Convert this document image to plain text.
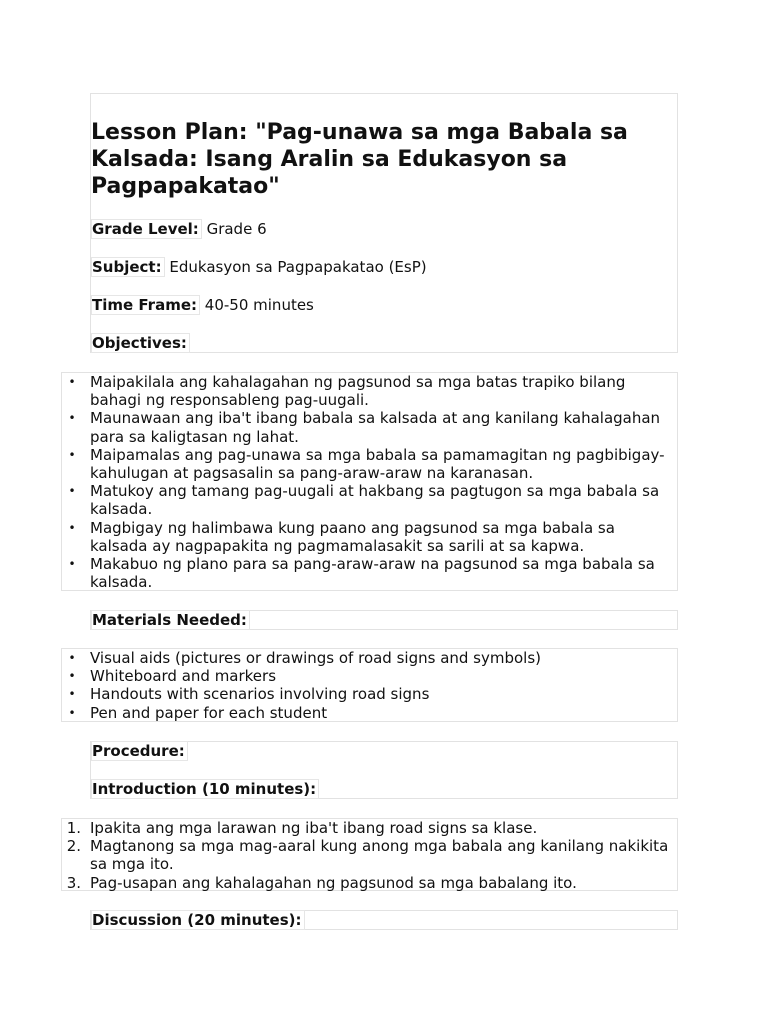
Lesson Plan: "Pag-unawa sa mga Babala sa Kalsada: Isang Aralin sa Edukasyon sa Pagpapakatao"
Grade Level: Grade 6
Subject: Edukasyon sa Pagpapakatao (EsP)
Time Frame: 40-50 minutes
Objectives:
• Maipakilala ang kahalagahan ng pagsunod sa mga batas trapiko bilang bahagi ng responsableng pag-uugali.
• Maunawaan ang iba't ibang babala sa kalsada at ang kanilang kahalagahan para sa kaligtasan ng lahat.
• Maipamalas ang pag-unawa sa mga babala sa pamamagitan ng pagbibigay-kahulugan at pagsasalin sa pang-araw-araw na karanasan.
• Matukoy ang tamang pag-uugali at hakbang sa pagtugon sa mga babala sa kalsada.
• Magbigay ng halimbawa kung paano ang pagsunod sa mga babala sa kalsada ay nagpapakita ng pagmamalasakit sa sarili at sa kapwa.
• Makabuo ng plano para sa pang-araw-araw na pagsunod sa mga babala sa kalsada.
Materials Needed:
• Visual aids (pictures or drawings of road signs and symbols)
• Whiteboard and markers
• Handouts with scenarios involving road signs
• Pen and paper for each student
Procedure:
Introduction (10 minutes):
1. Ipakita ang mga larawan ng iba't ibang road signs sa klase.
2. Magtanong sa mga mag-aaral kung anong mga babala ang kanilang nakikita sa mga ito.
3. Pag-usapan ang kahalagahan ng pagsunod sa mga babalang ito.
Discussion (20 minutes):
